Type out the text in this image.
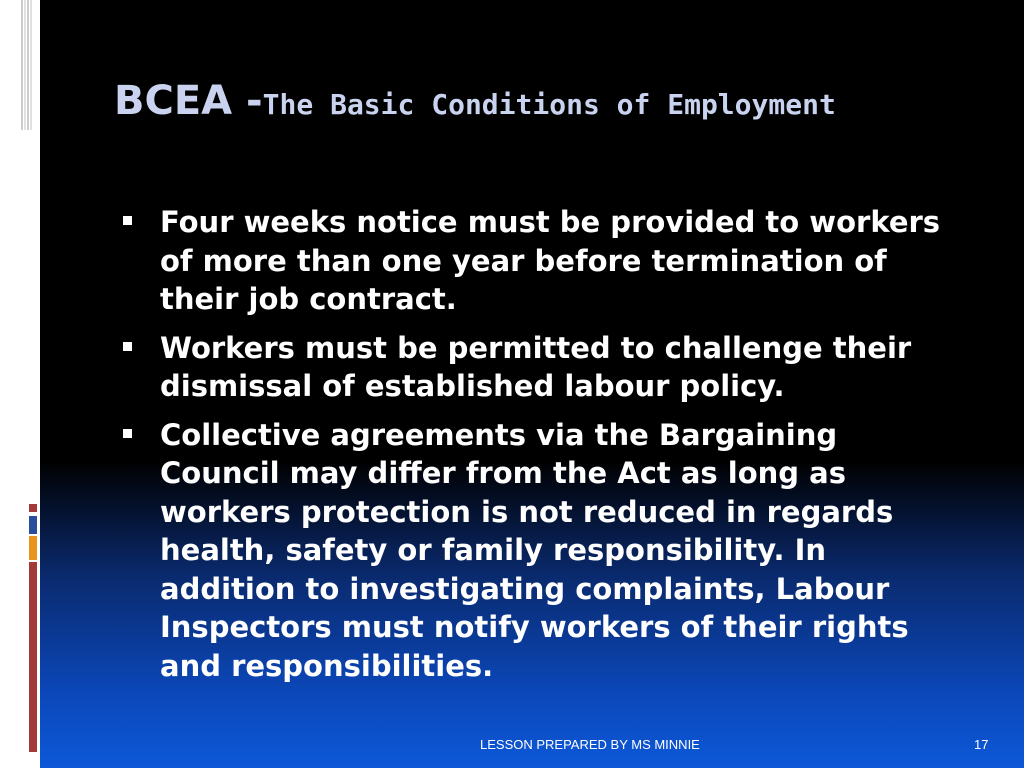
BCEA -The Basic Conditions of Employment
Four weeks notice must be provided to workers of more than one year before termination of their job contract.
Workers must be permitted to challenge their dismissal of established labour policy.
Collective agreements via the Bargaining Council may differ from the Act as long as workers protection is not reduced in regards health, safety or family responsibility. In addition to investigating complaints, Labour Inspectors must notify workers of their rights and responsibilities.
LESSON PREPARED BY MS MINNIE	17
